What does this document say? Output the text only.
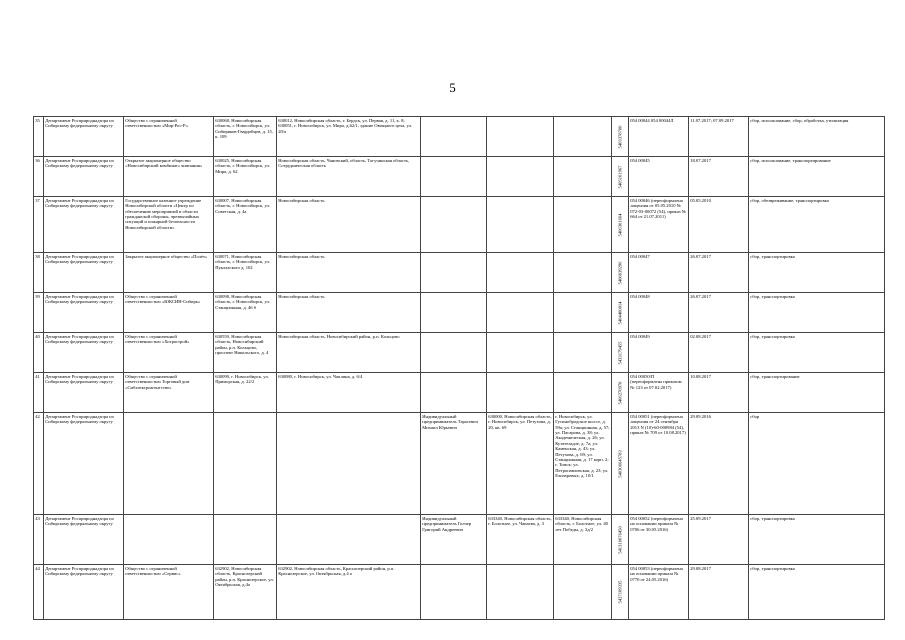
5
35	Департамент Росприроднадзора по Сибирскому федеральному округу	Общество с ограниченной ответственностью «Мир-Рос-Р»	630068, Новосибирская область, г. Новосибирск, ул. Сибиряков-Гвардейцев, д. 15, к. 109	630012, Новосибирская область, г. Бердск, ул. Первая, д. 11, к. 8; 630051, г. Новосибирск, ул. Мира, д.62/1, здание Овощного цеха, ул. 20/а				5403378700	054 00044 054 00044Л	11.07.2017; 07.09.2017	сбор, использование, сбор, обработка, утилизация
36	Департамент Росприроднадзора по Сибирскому федеральному округу	Открытое акционерное общество «Новосибирский комбинат» компания»	630025, Новосибирская область, г. Новосибирск, ул. Мира, д. 62	Новосибирская область, Чановский, область, Тогучинская область, Сотрудническая область				5405101967	054 00045	18.07.2017	сбор, использование, транспортирование
37	Департамент Росприроднадзора по Сибирскому федеральному округу	Государственное казенное учреждение Новосибирской области «Центр по обеспечению мероприятий в области гражданской обороны, чрезвычайных ситуаций и пожарной безопасности Новосибирской области»	630007, Новосибирская область, г. Новосибирск, ул. Советская, д. 4а	Новосибирская область				5406301664	054 00046 (переоформлена лицензия от 05.05.2010 № 072-03-00072 (54), приказ № 664 от 21.07.2011)	05.05.2010	сбор, обезвреживание, транспортировка
38	Департамент Росприроднадзора по Сибирскому федеральному округу	Закрытое акционерное общество «Полёт»	630071, Новосибирская область, г. Новосибирск, ул. Пуклахского д. 102	Новосибирская область				5408039296	054 00047	26.07.2017	сбор, транспортировка
39	Департамент Росприроднадзора по Сибирскому федеральному округу	Общество с ограниченной ответственностью «ЮКСИН-Сибирь»	630098, Новосибирская область, г. Новосибирск, ул. Станционная, д. 46 б	Новосибирская область				5404400814	054 00048	26.07.2017	сбор, транспортировка
40	Департамент Росприроднадзора по Сибирскому федеральному округу	Общество с ограниченной ответственностью «Хотрастрой»	630559, Новосибирская область, Новосибирский район, р.п. Кольцово, проспект Никольского, д. 4	Новосибирская область, Новосибирский район, р.п. Кольцово				5433179455	054 00049	02.08.2017	сбор, транспортировка
41	Департамент Росприроднадзора по Сибирскому федеральному округу	Общество с ограниченной ответственностью Торговый дом «Сибэлектроагентство»	630099, г. Новосибирск, ул. Приморская, д. 22/2	630080, г. Новосибирск, ул. Чаплина, д. 6/4				5406270978	054 00050/П (переоформлена приказом № 123 от 07.02.2017)	10.08.2017	сбор, транспортирование
42	Департамент Росприроднадзора по Сибирскому федеральному округу				Индивидуальный предприниматель Тарасевич Михаил Юрьевич	630000, Новосибирская область, г. Новосибирск, ул. Петухова, д. 20, кв. 69	г. Новосибирск, ул. Гусинобродское шоссе, д. 59а; ул. Станционная, д. 57; ул. Пасарова, д. 38; ул. Академическая, д. 26; ул. Кутателадзе, д. 7а; ул. Каменская, д. 43; ул. Петухова, д. 69; ул. Станционная, д. 17 корп. 2; г. Томск: ул. Петропавловская, д. 23; ул. Елизаровых, д. 10/1	540306645783	054 00051 (переоформлена лицензия от 24 сентября 2013 N (10)-60-000984 (54), приказ № 709 от 10.08.2017)	29.09.2016	сбор
43	Департамент Росприроднадзора по Сибирскому федеральному округу				Индивидуальный предприниматель Голчер Григорий Андреевич	633340, Новосибирская область, г. Болотное, ул. Чапаева, д. 3	633340, Новосибирская область, г. Болотное, ул. 40 лет Победы, д. 3д/2	541310076450	054 00052 (переоформлена на основании приказа № 0706 от 30.05.2016)	25.09.2017	сбор, транспортировка
44	Департамент Росприроднадзора по Сибирскому федеральному округу	Общество с ограниченной ответственностью «Сервис»	632902, Новосибирская область, Краснозерский район, р.п. Краснозерское, ул. Октябрьская, д.4а	632902, Новосибирская область, Краснозерский район, р.п. Краснозерское, ул. Октябрьская, д.4 а				5427109335	054 00053 (переоформлена на основании приказа № 0770 от 24.05.2016)	29.08.2017	сбор, транспортировка
